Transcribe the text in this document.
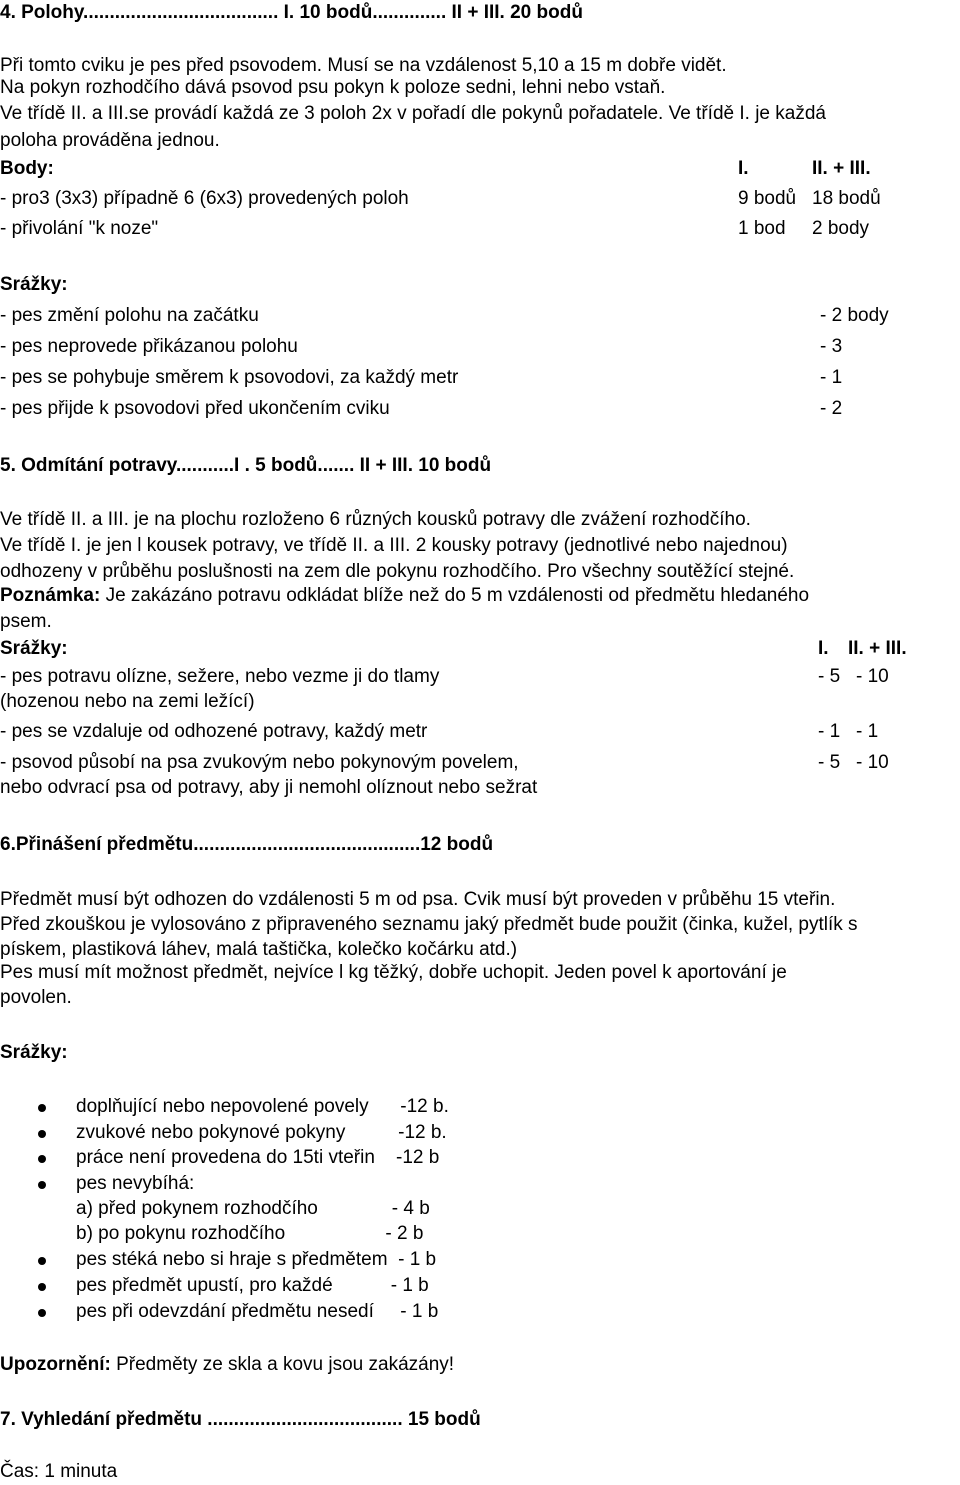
4. Polohy..................................... I. 10 bodů.............. II + III. 20 bodů
Při tomto cviku je pes před psovodem. Musí se na vzdálenost 5,10 a 15 m dobře vidět.
Na pokyn rozhodčího dává psovod psu pokyn k poloze sedni, lehni nebo vstaň.
Ve třídě II. a III.se provádí každá ze 3 poloh 2x v pořadí dle pokynů pořadatele. Ve třídě I. je každá
poloha prováděna jednou.
Body:	I.	II. + III.
- pro3 (3x3) případně 6 (6x3) provedených poloh	9 bodů 18 bodů
- přivolání "k noze"	1 bod 2 body
Srážky:
- pes změní polohu na začátku	- 2 body
- pes neprovede přikázanou polohu	- 3
- pes se pohybuje směrem k psovodovi, za každý metr	- 1
- pes přijde k psovodovi před ukončením cviku	- 2
5. Odmítání potravy...........I . 5 bodů....... II + III. 10 bodů
Ve třídě II. a III. je na plochu rozloženo 6 různých kousků potravy dle zvážení rozhodčího.
Ve třídě I. je jen l kousek potravy, ve třídě II. a III. 2 kousky potravy (jednotlivé nebo najednou)
odhozeny v průběhu poslušnosti na zem dle pokynu rozhodčího. Pro všechny soutěžící stejné.
Poznámka: Je zakázáno potravu odkládat blíže než do 5 m vzdálenosti od předmětu hledaného
psem.
Srážky:	I. II. + III.
- pes potravu olízne, sežere, nebo vezme ji do tlamy	- 5   - 10
(hozenou nebo na zemi ležící)
- pes se vzdaluje od odhozené potravy, každý metr	- 1   - 1
- psovod působí na psa zvukovým nebo pokynovým povelem,	- 5   - 10
nebo odvrací psa od potravy, aby ji nemohl olíznout nebo sežrat
6.Přinášení předmětu...........................................12 bodů
Předmět musí být odhozen do vzdálenosti 5 m od psa. Cvik musí být proveden v průběhu 15 vteřin.
Před zkouškou je vylosováno z připraveného seznamu jaký předmět bude použit (činka, kužel, pytlík s
pískem, plastiková láhev, malá taštička, kolečko kočárku atd.)
Pes musí mít možnost předmět, nejvíce l kg těžký, dobře uchopit. Jeden povel k aportování je
povolen.
Srážky:
doplňující nebo nepovolené povely      -12 b.
zvukové nebo pokynové pokyny          -12 b.
práce není provedena do 15ti vteřin    -12 b
pes nevybíhá:
a) před pokynem rozhodčího              - 4 b
b) po pokynu rozhodčího                   - 2 b
pes stéká nebo si hraje s předmětem  - 1 b
pes předmět upustí, pro každé           - 1 b
pes při odevzdání předmětu nesedí     - 1 b
Upozornění: Předměty ze skla a kovu jsou zakázány!
7. Vyhledání předmětu ..................................... 15 bodů
Čas: 1 minuta
